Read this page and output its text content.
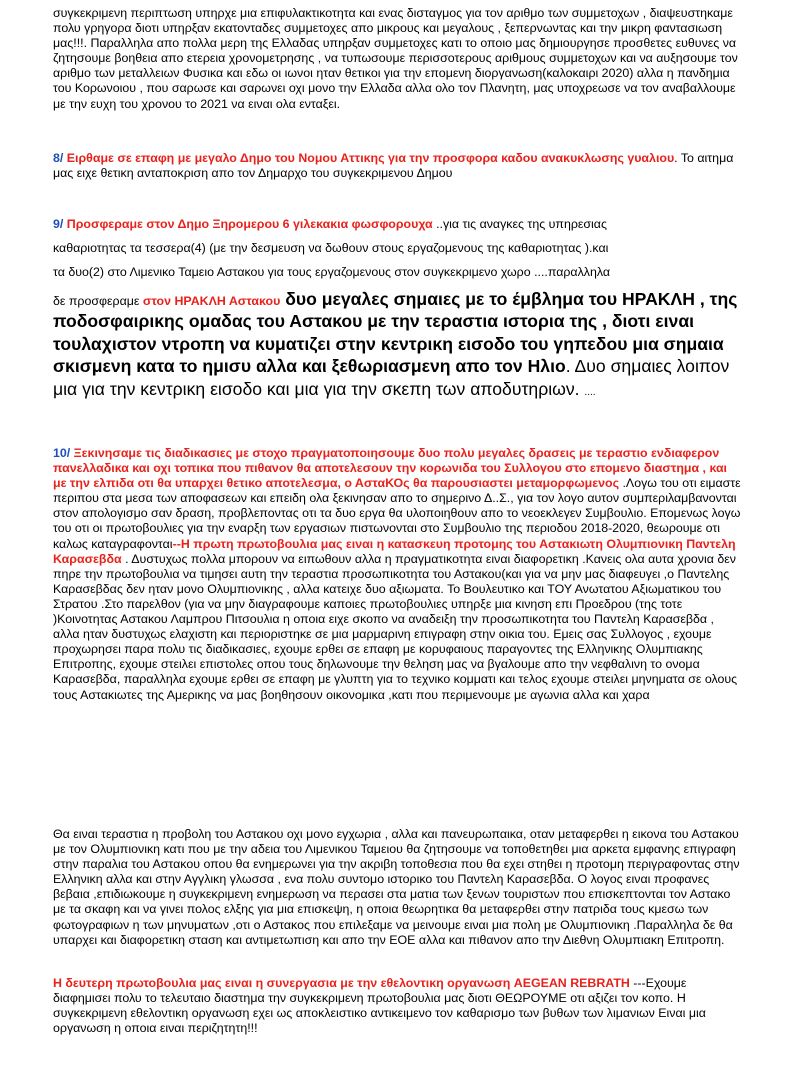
συγκεκριμενη περιπτωση υπηρχε μια επιφυλακτικοτητα και ενας δισταγμος για τον αριθμο των συμμετοχων , διαψευστηκαμε πολυ γρηγορα διοτι υπηρξαν εκατονταδες συμμετοχες απο μικρους και μεγαλους , ξεπερνωντας και την μικρη φαντασιωση μας!!!. Παραλληλα απο πολλα μερη της Ελλαδας υπηρξαν συμμετοχες κατι το οποιο μας δημιουργησε προσθετες ευθυνες να ζητησουμε βοηθεια απο ετερεια χρονομετρησης , να τυπωσουμε περισσοτερους αριθμους συμμετοχων και να αυξησουμε τον αριθμο των μεταλλειων Φυσικα και εδω οι ιωνοι ηταν θετικοι για την επομενη διοργανωση(καλοκαιρι 2020) αλλα η πανδημια του Κορωνοιου , που σαρωσε και σαρωνει οχι μονο την Ελλαδα αλλα ολο τον Πλανητη, μας υποχρεωσε να τον αναβαλλουμε με την ευχη του χρονου το 2021 να ειναι ολα ενταξει.
8/ Ειρθαμε σε επαφη με μεγαλο Δημο του Νομου Αττικης για την προσφορα καδου ανακυκλωσης γυαλιου. Το αιτημα μας ειχε θετικη ανταποκριση απο τον Δημαρχο του συγκεκριμενου Δημου
9/ Προσφεραμε στον Δημο Ξηρομερου 6 γιλεκακια φωσφορουχα ..για τις αναγκες της υπηρεσιας
καθαριοτητας τα τεσσερα(4) (με την δεσμευση να δωθουν στους εργαζομενους της καθαριοτητας ).και
τα δυο(2) στο Λιμενικο Ταμειο Αστακου για τους εργαζομενους στον συγκεκριμενο χωρο ....παραλληλα
δε προσφεραμε στον ΗΡΑΚΛΗ Αστακου δυο μεγαλες σημαιες με το έμβλημα του ΗΡΑΚΛΗ , της ποδοσφαιρικης ομαδας του Αστακου με την τεραστια ιστορια της , διοτι ειναι τουλαχιστον ντροπη να κυματιζει στην κεντρικη εισοδο του γηπεδου μια σημαια σκισμενη κατα το ημισυ αλλα και ξεθωριασμενη απο τον Ηλιο. Δυο σημαιες λοιπον μια για την κεντρικη εισοδο και μια για την σκεπη των αποδυτηριων. ....
10/ Ξεκινησαμε τις διαδικασιες με στοχο πραγματοποιησουμε δυο πολυ μεγαλες δρασεις με τεραστιο ενδιαφερον πανελλαδικα και οχι τοπικα που πιθανον θα αποτελεσουν την κορωνιδα του Συλλογου στο επομενο διαστημα , και με την ελπιδα οτι θα υπαρχει θετικο αποτελεσμα, ο ΑσταΚΟς θα παρουσιαστει μεταμορφωμενος .Λογω του οτι ειμαστε περιπου στα μεσα των αποφασεων και επειδη ολα ξεκινησαν απο το σημερινο Δ..Σ., για τον λογο αυτον συμπεριλαμβανονται στον απολογισμο σαν δραση, προβλεποντας οτι τα δυο εργα θα υλοποιηθουν απο το νεοεκλεγεν Συμβουλιο. Επομενως λογω του οτι οι πρωτοβουλιες για την εναρξη των εργασιων πιστωνονται στο Συμβουλιο της περιοδου 2018-2020, θεωρουμε οτι καλως καταγραφονται--Η πρωτη πρωτοβουλια μας ειναι η κατασκευη προτομης του Αστακιωτη Ολυμπιονικη Παντελη Καρασεβδα . Δυστυχως πολλα μπορουν να ειπωθουν αλλα η πραγματικοτητα ειναι διαφορετικη .Κανεις ολα αυτα χρονια δεν πηρε την πρωτοβουλια να τιμησει αυτη την τεραστια προσωπικοτητα του Αστακου(και για να μην μας διαφευγει ,ο Παντελης Καρασεβδας δεν ηταν μονο Ολυμπιονικης , αλλα κατειχε δυο αξιωματα. Το Βουλευτικο και ΤΟΥ Ανωτατου Αξιωματικου του Στρατου .Στο παρελθον (για να μην διαγραφουμε καποιες πρωτοβουλιες υπηρξε μια κινηση επι Προεδρου (της τοτε )Κοινοτητας Αστακου Λαμπρου Πιτσουλια η οποια ειχε σκοπο να αναδειξη την προσωπικοτητα του Παντελη Καρασεβδα , αλλα ηταν δυστυχως ελαχιστη και περιοριστηκε σε μια μαρμαρινη επιγραφη στην οικια του. Εμεις σας Συλλογος , εχουμε προχωρησει παρα πολυ τις διαδικασιες, εχουμε ερθει σε επαφη με κορυφαιους παραγοντες της Ελληνικης Ολυμπιακης Επιτροπης, εχουμε στειλει επιστολες οπου τους δηλωνουμε την θεληση μας να βγαλουμε απο την νεφθαλινη το ονομα Καρασεβδα, παραλληλα εχουμε ερθει σε επαφη με γλυπτη για το τεχνικο κομματι και τελος εχουμε στειλει μηνηματα σε ολους τους Αστακιωτες της Αμερικης να μας βοηθησουν οικονομικα ,κατι που περιμενουμε με αγωνια αλλα και χαρα
Θα ειναι τεραστια η προβολη του Αστακου οχι μονο εγχωρια , αλλα και πανευρωπαικα, οταν μεταφερθει η εικονα του Αστακου με τον Ολυμπιονικη κατι που με την αδεια του Λιμενικου Ταμειου θα ζητησουμε να τοποθετηθει μια αρκετα εμφανης επιγραφη στην παραλια του Αστακου οπου θα ενημερωνει για την ακριβη τοποθεσια που θα εχει στηθει η προτομη περιγραφοντας στην Ελληνικη αλλα και στην Αγγλικη γλωσσα , ενα πολυ συντομο ιστορικο του Παντελη Καρασεβδα. Ο λογος ειναι προφανες βεβαια ,επιδιωκουμε η συγκεκριμενη ενημερωση να περασει στα ματια των ξενων τουριστων που επισκεπτονται τον Αστακο με τα σκαφη και να γινει πολος ελξης για μια επισκεψη, η οποια θεωρητικα θα μεταφερθει στην πατριδα τους κμεσω των φωτογραφιων η των μηνυματων ,οτι ο Αστακος που επιλεξαμε να μεινουμε ειναι μια πολη με Ολυμπιονικη .Παραλληλα δε θα υπαρχει και διαφορετικη σταση και αντιμετωπιση και απο την ΕΟΕ αλλα και πιθανον απο την Διεθνη Ολυμπιακη Επιτροπη.
Η δευτερη πρωτοβουλια μας ειναι η συνεργασια με την εθελοντικη οργανωση AEGEAN REBRATH ---Εχουμε διαφημισει πολυ το τελευταιο διαστημα την συγκεκριμενη πρωτοβουλια μας διοτι ΘΕΩΡΟΥΜΕ οτι αξιζει τον κοπο. Η συγκεκριμενη εθελοντικη οργανωση εχει ως αποκλειστικο αντικειμενο τον καθαρισμο των βυθων των λιμανιων Ειναι μια οργανωση η οποια ειναι περιζητητη!!!
